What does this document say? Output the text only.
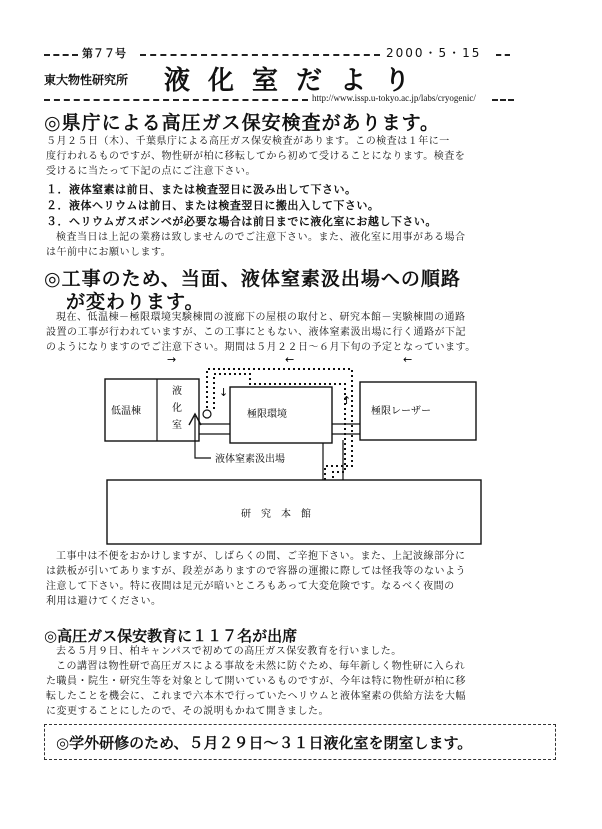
第７７号	2000・5・15
東大物性研究所 液化室だより
http://www.issp.u-tokyo.ac.jp/labs/cryogenic/
◎県庁による高圧ガス保安検査があります。
５月２５日（木）、千葉県庁による高圧ガス保安検査があります。この検査は１年に一
度行われるものですが、物性研が柏に移転してから初めて受けることになります。検査を
受けるに当たって下記の点にご注意下さい。
１．液体窒素は前日、または検査翌日に汲み出して下さい。
２．液体ヘリウムは前日、または検査翌日に搬出入して下さい。
３．ヘリウムガスボンベが必要な場合は前日までに液化室にお越し下さい。
検査当日は上記の業務は致しませんのでご注意下さい。また、液化室に用事がある場合
は午前中にお願いします。
◎工事のため、当面、液体窒素汲出場への順路
が変わります。
現在、低温棟－極限環境実験棟間の渡廊下の屋根の取付と、研究本館－実験棟間の通路
設置の工事が行われていますが、この工事にともない、液体窒素汲出場に行く通路が下記
のようになりますのでご注意下さい。期間は５月２２日～６月下旬の予定となっています。
低温棟
液
化
室
極限環境	極限レーザー
研　究　本　館
液体窒素汲出場
→	←	←
↓
↑
工事中は不便をおかけしますが、しばらくの間、ご辛抱下さい。また、上記波線部分に
は鉄板が引いてありますが、段差がありますので容器の運搬に際しては怪我等のないよう
注意して下さい。特に夜間は足元が暗いところもあって大変危険です。なるべく夜間の
利用は避けてください。
◎高圧ガス保安教育に１１７名が出席
去る５月９日、柏キャンパスで初めての高圧ガス保安教育を行いました。
この講習は物性研で高圧ガスによる事故を未然に防ぐため、毎年新しく物性研に入られ
た職員・院生・研究生等を対象として開いているものですが、今年は特に物性研が柏に移
転したことを機会に、これまで六本木で行っていたヘリウムと液体窒素の供給方法を大幅
に変更することにしたので、その説明もかねて開きました。
◎学外研修のため、５月２９日～３１日液化室を閉室します。
